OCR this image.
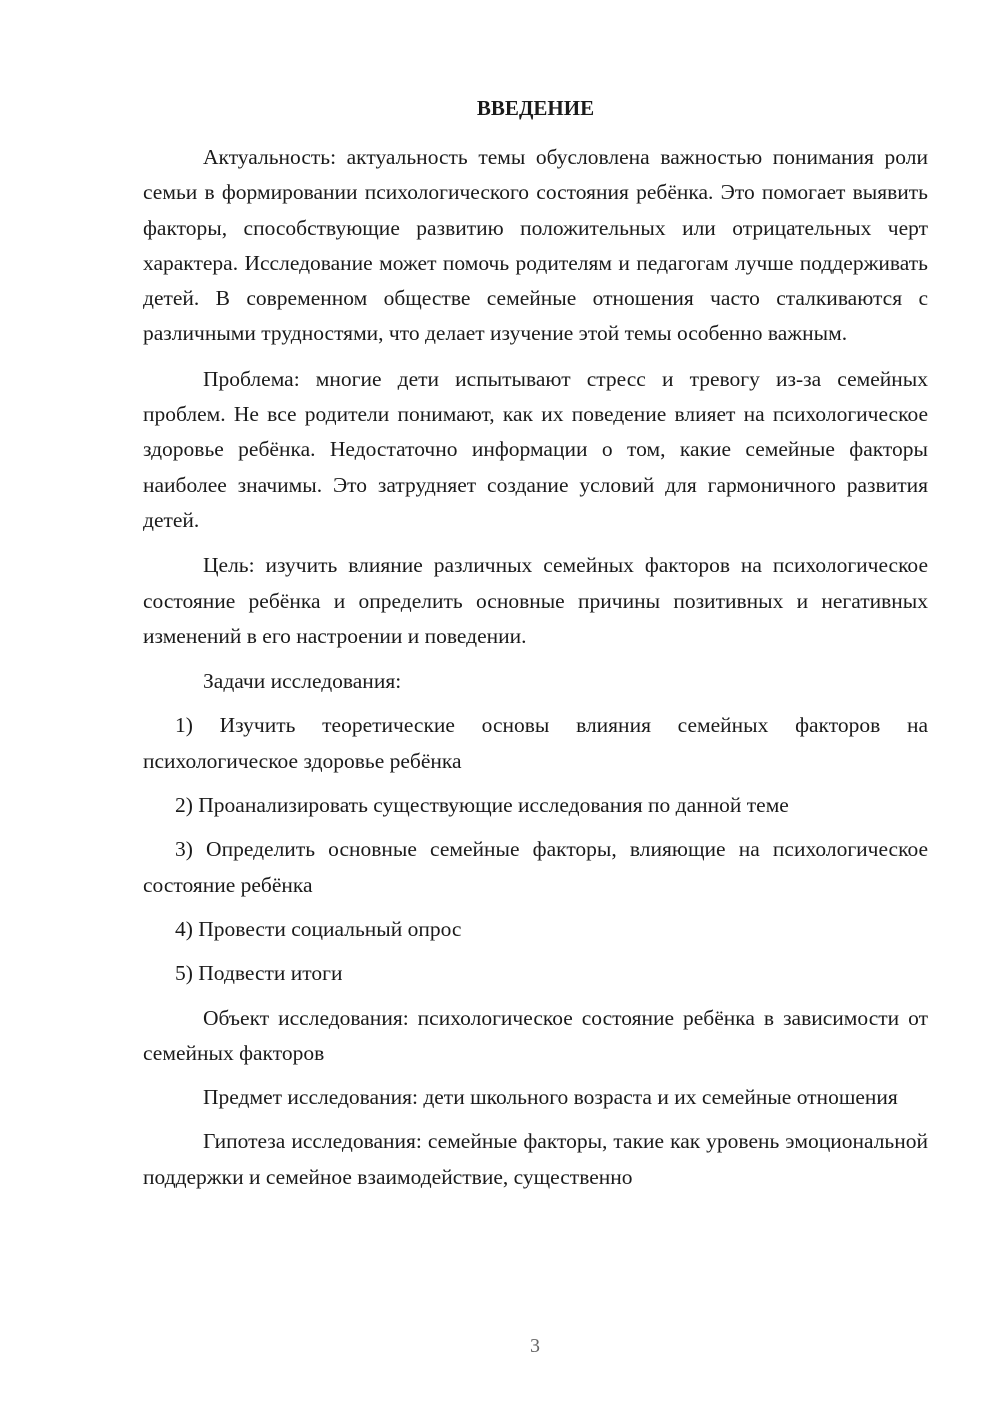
ВВЕДЕНИЕ

Актуальность: актуальность темы обусловлена важностью понимания роли семьи в формировании психологического состояния ребёнка. Это помогает выявить факторы, способствующие развитию положительных или отрицательных черт характера. Исследование может помочь родителям и педагогам лучше поддерживать детей. В современном обществе семейные отношения часто сталкиваются с различными трудностями, что делает изучение этой темы особенно важным.

Проблема: многие дети испытывают стресс и тревогу из-за семейных проблем. Не все родители понимают, как их поведение влияет на психологическое здоровье ребёнка. Недостаточно информации о том, какие семейные факторы наиболее значимы. Это затрудняет создание условий для гармоничного развития детей.

Цель: изучить влияние различных семейных факторов на психологическое состояние ребёнка и определить основные причины позитивных и негативных изменений в его настроении и поведении.

Задачи исследования:

1) Изучить теоретические основы влияния семейных факторов на психологическое здоровье ребёнка

2) Проанализировать существующие исследования по данной теме

3) Определить основные семейные факторы, влияющие на психологическое состояние ребёнка

4) Провести социальный опрос

5) Подвести итоги

Объект исследования: психологическое состояние ребёнка в зависимости от семейных факторов

Предмет исследования: дети школьного возраста и их семейные отношения

Гипотеза исследования: семейные факторы, такие как уровень эмоциональной поддержки и семейное взаимодействие, существенно

3
